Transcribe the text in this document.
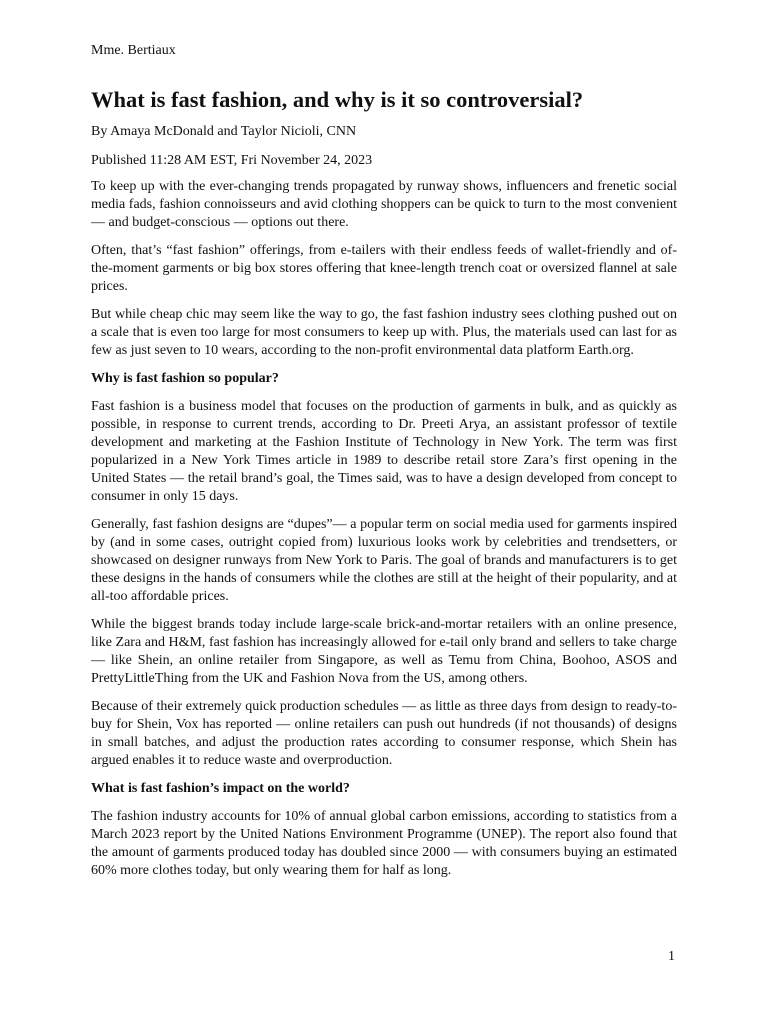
Mme. Bertiaux
What is fast fashion, and why is it so controversial?
By Amaya McDonald and Taylor Nicioli, CNN
Published 11:28 AM EST, Fri November 24, 2023

To keep up with the ever-changing trends propagated by runway shows, influencers and frenetic social media fads, fashion connoisseurs and avid clothing shoppers can be quick to turn to the most convenient — and budget-conscious — options out there.

Often, that’s “fast fashion” offerings, from e-tailers with their endless feeds of wallet-friendly and of-the-moment garments or big box stores offering that knee-length trench coat or oversized flannel at sale prices.

But while cheap chic may seem like the way to go, the fast fashion industry sees clothing pushed out on a scale that is even too large for most consumers to keep up with. Plus, the materials used can last for as few as just seven to 10 wears, according to the non-profit environmental data platform Earth.org.

Why is fast fashion so popular?

Fast fashion is a business model that focuses on the production of garments in bulk, and as quickly as possible, in response to current trends, according to Dr. Preeti Arya, an assistant professor of textile development and marketing at the Fashion Institute of Technology in New York. The term was first popularized in a New York Times article in 1989 to describe retail store Zara’s first opening in the United States — the retail brand’s goal, the Times said, was to have a design developed from concept to consumer in only 15 days.

Generally, fast fashion designs are “dupes”— a popular term on social media used for garments inspired by (and in some cases, outright copied from) luxurious looks work by celebrities and trendsetters, or showcased on designer runways from New York to Paris. The goal of brands and manufacturers is to get these designs in the hands of consumers while the clothes are still at the height of their popularity, and at all-too affordable prices.

While the biggest brands today include large-scale brick-and-mortar retailers with an online presence, like Zara and H&M, fast fashion has increasingly allowed for e-tail only brand and sellers to take charge — like Shein, an online retailer from Singapore, as well as Temu from China, Boohoo, ASOS and PrettyLittleThing from the UK and Fashion Nova from the US, among others.

Because of their extremely quick production schedules — as little as three days from design to ready-to-buy for Shein, Vox has reported — online retailers can push out hundreds (if not thousands) of designs in small batches, and adjust the production rates according to consumer response, which Shein has argued enables it to reduce waste and overproduction.

What is fast fashion’s impact on the world?

The fashion industry accounts for 10% of annual global carbon emissions, according to statistics from a March 2023 report by the United Nations Environment Programme (UNEP). The report also found that the amount of garments produced today has doubled since 2000 — with consumers buying an estimated 60% more clothes today, but only wearing them for half as long.

1
